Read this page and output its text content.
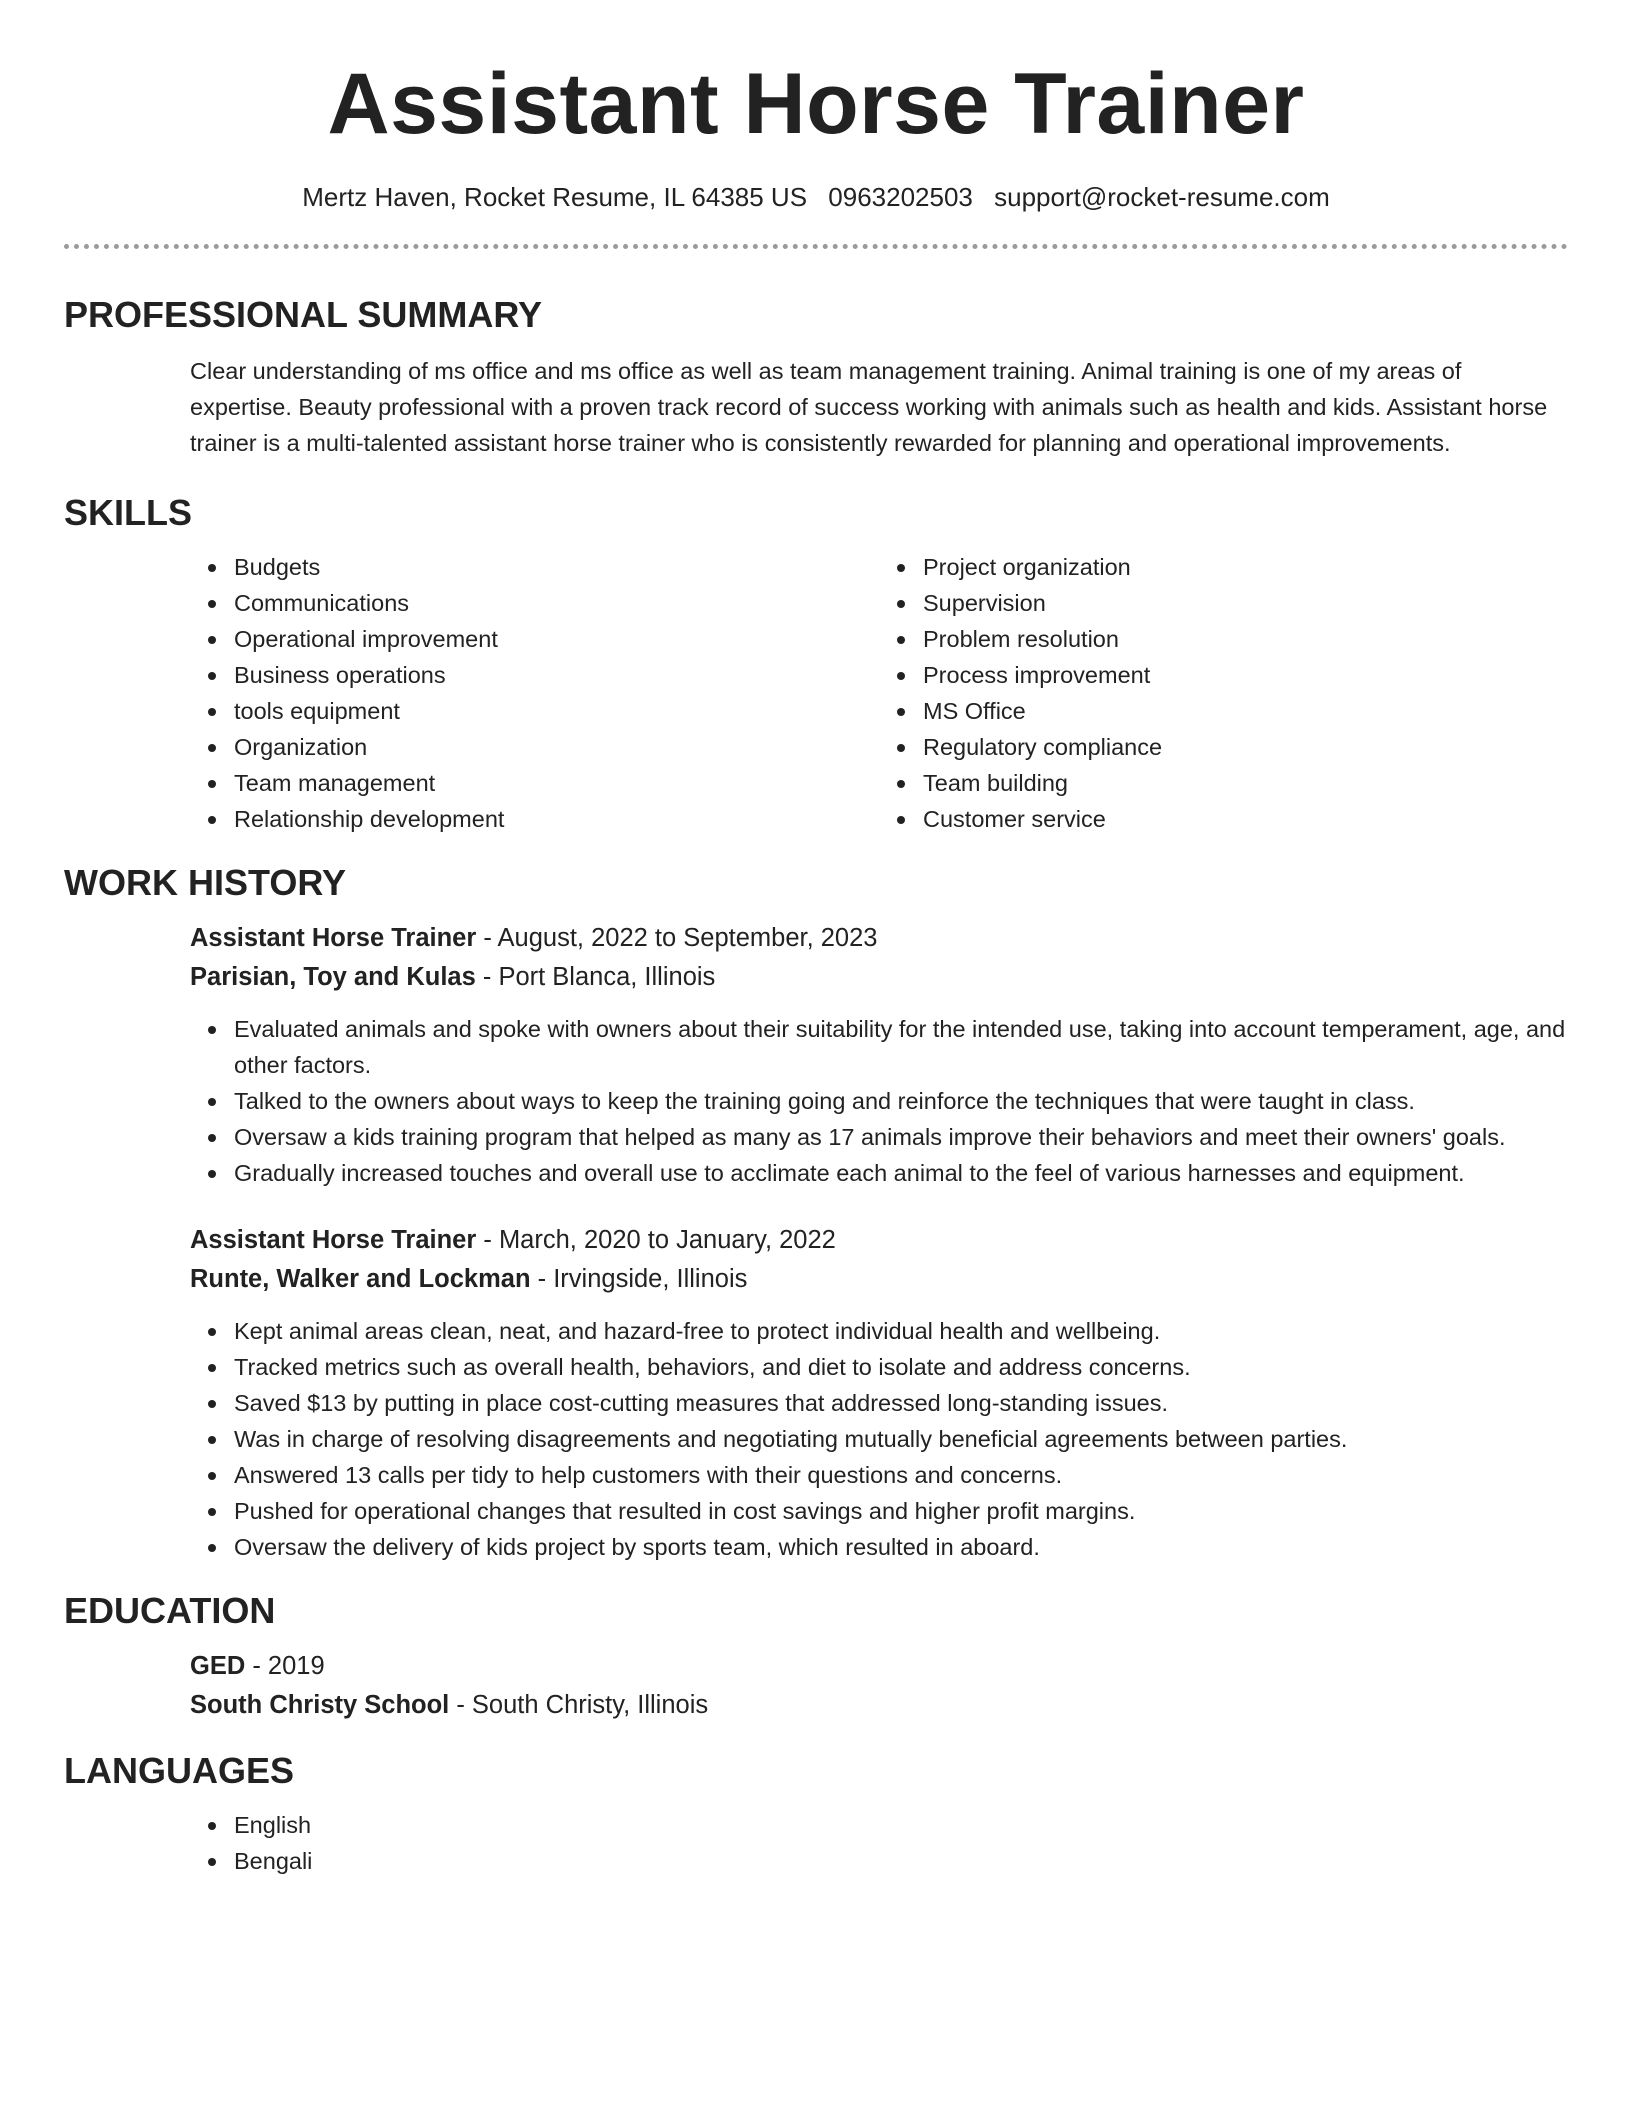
Assistant Horse Trainer
Mertz Haven, Rocket Resume, IL 64385 US 0963202503 support@rocket-resume.com
PROFESSIONAL SUMMARY

Clear understanding of ms office and ms office as well as team management training. Animal training is one of my areas of expertise. Beauty professional with a proven track record of success working with animals such as health and kids. Assistant horse trainer is a multi-talented assistant horse trainer who is consistently rewarded for planning and operational improvements.

SKILLS
Budgets
Communications
Operational improvement
Business operations
tools equipment
Organization
Team management
Relationship development
Project organization
Supervision
Problem resolution
Process improvement
MS Office
Regulatory compliance
Team building
Customer service
WORK HISTORY
Assistant Horse Trainer - August, 2022 to September, 2023
Parisian, Toy and Kulas - Port Blanca, Illinois
Evaluated animals and spoke with owners about their suitability for the intended use, taking into account temperament, age, and other factors.
Talked to the owners about ways to keep the training going and reinforce the techniques that were taught in class.
Oversaw a kids training program that helped as many as 17 animals improve their behaviors and meet their owners' goals.
Gradually increased touches and overall use to acclimate each animal to the feel of various harnesses and equipment.
Assistant Horse Trainer - March, 2020 to January, 2022
Runte, Walker and Lockman - Irvingside, Illinois
Kept animal areas clean, neat, and hazard-free to protect individual health and wellbeing.
Tracked metrics such as overall health, behaviors, and diet to isolate and address concerns.
Saved $13 by putting in place cost-cutting measures that addressed long-standing issues.
Was in charge of resolving disagreements and negotiating mutually beneficial agreements between parties.
Answered 13 calls per tidy to help customers with their questions and concerns.
Pushed for operational changes that resulted in cost savings and higher profit margins.
Oversaw the delivery of kids project by sports team, which resulted in aboard.
EDUCATION
GED - 2019
South Christy School - South Christy, Illinois
LANGUAGES
English
Bengali
